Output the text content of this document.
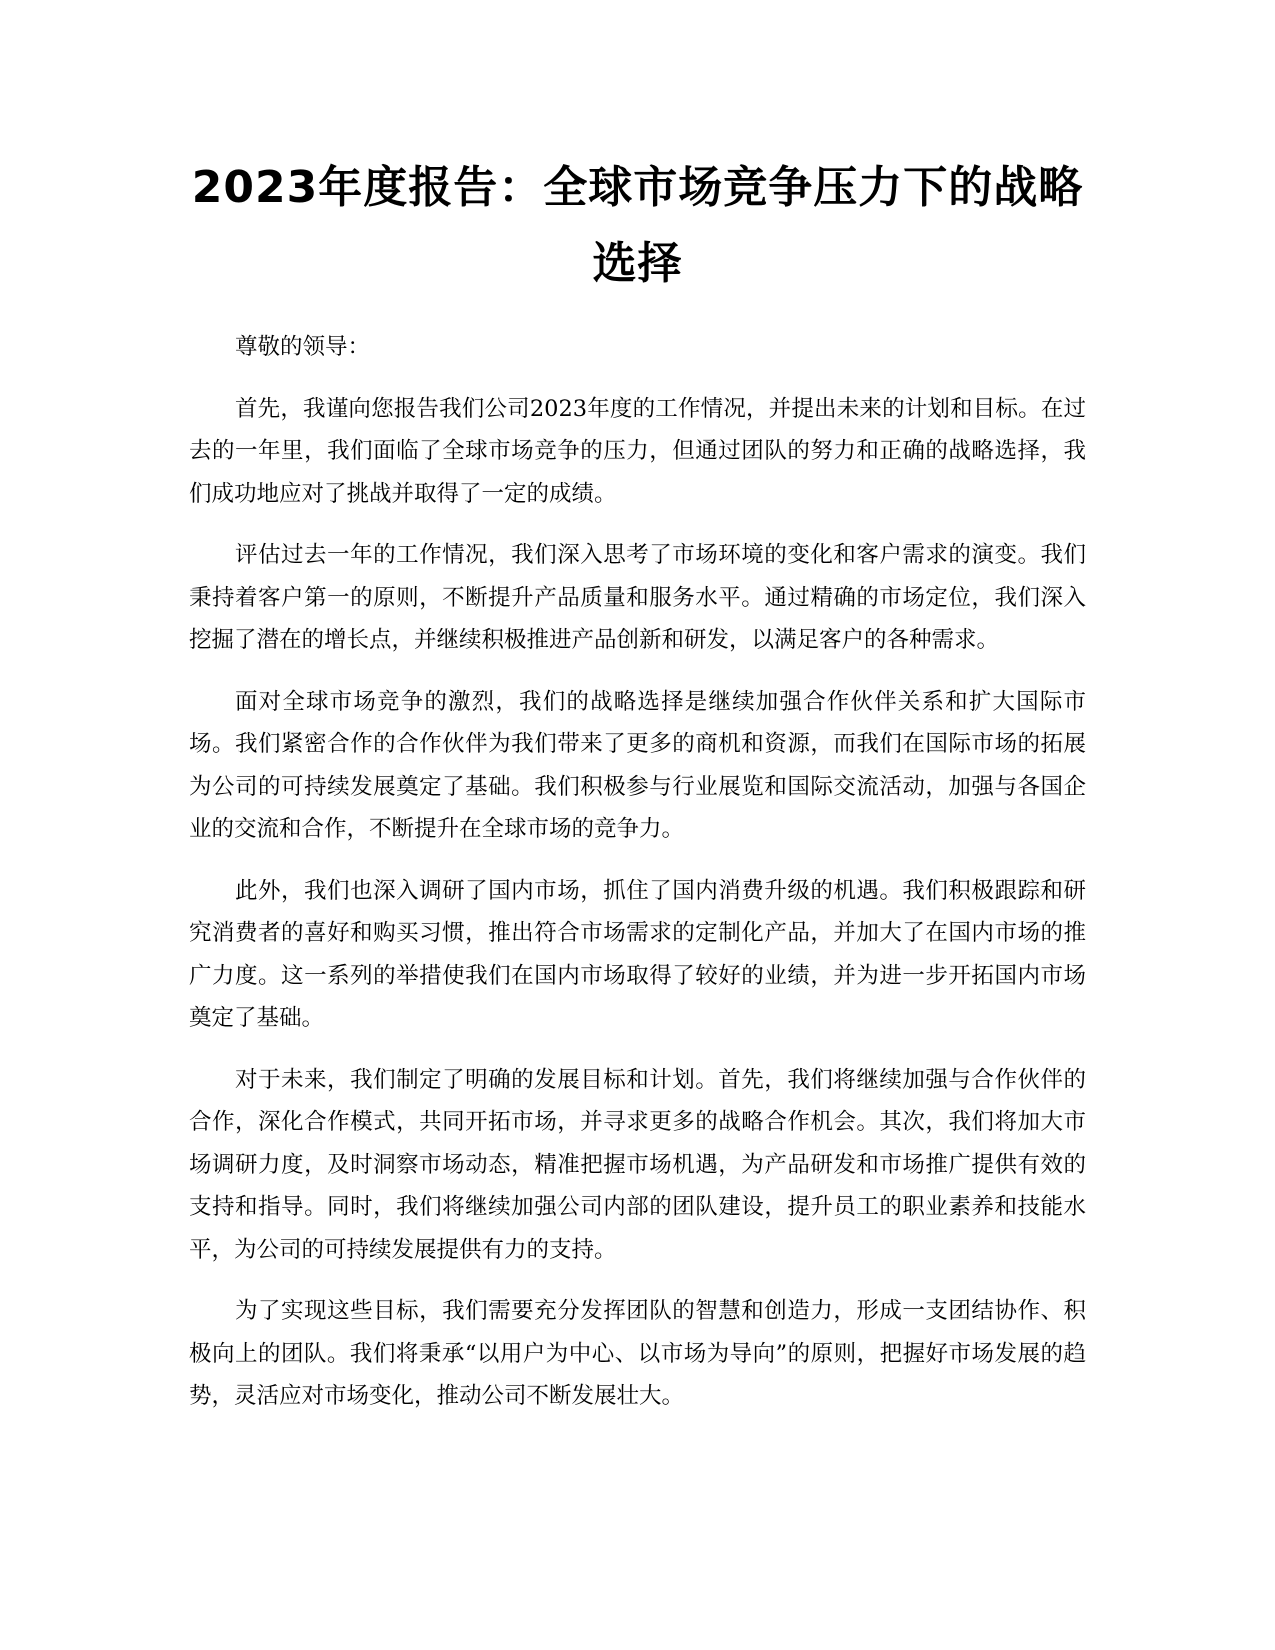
2023年度报告：全球市场竞争压力下的战略选择

尊敬的领导：

首先，我谨向您报告我们公司2023年度的工作情况，并提出未来的计划和目标。在过去的一年里，我们面临了全球市场竞争的压力，但通过团队的努力和正确的战略选择，我们成功地应对了挑战并取得了一定的成绩。

评估过去一年的工作情况，我们深入思考了市场环境的变化和客户需求的演变。我们秉持着客户第一的原则，不断提升产品质量和服务水平。通过精确的市场定位，我们深入挖掘了潜在的增长点，并继续积极推进产品创新和研发，以满足客户的各种需求。

面对全球市场竞争的激烈，我们的战略选择是继续加强合作伙伴关系和扩大国际市场。我们紧密合作的合作伙伴为我们带来了更多的商机和资源，而我们在国际市场的拓展为公司的可持续发展奠定了基础。我们积极参与行业展览和国际交流活动，加强与各国企业的交流和合作，不断提升在全球市场的竞争力。

此外，我们也深入调研了国内市场，抓住了国内消费升级的机遇。我们积极跟踪和研究消费者的喜好和购买习惯，推出符合市场需求的定制化产品，并加大了在国内市场的推广力度。这一系列的举措使我们在国内市场取得了较好的业绩，并为进一步开拓国内市场奠定了基础。

对于未来，我们制定了明确的发展目标和计划。首先，我们将继续加强与合作伙伴的合作，深化合作模式，共同开拓市场，并寻求更多的战略合作机会。其次，我们将加大市场调研力度，及时洞察市场动态，精准把握市场机遇，为产品研发和市场推广提供有效的支持和指导。同时，我们将继续加强公司内部的团队建设，提升员工的职业素养和技能水平，为公司的可持续发展提供有力的支持。

为了实现这些目标，我们需要充分发挥团队的智慧和创造力，形成一支团结协作、积极向上的团队。我们将秉承“以用户为中心、以市场为导向”的原则，把握好市场发展的趋势，灵活应对市场变化，推动公司不断发展壮大。
